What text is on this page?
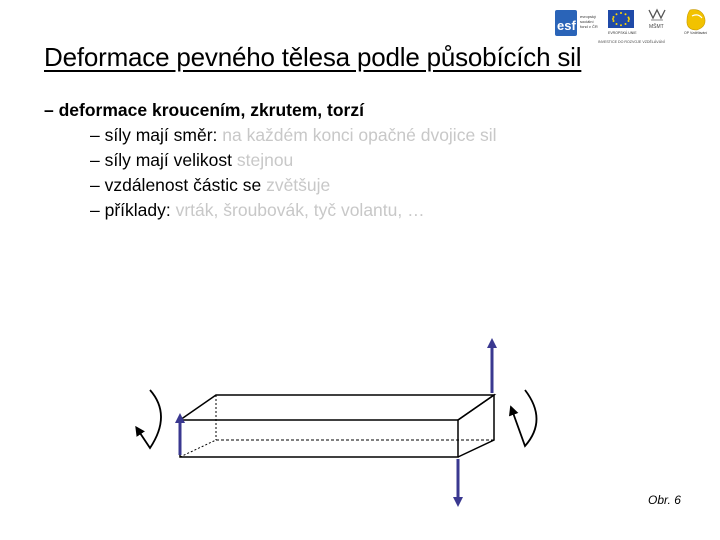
esf
evropský
sociální
fond v ČR
EVROPSKÁ UNIE
MŠMT
OP Vzdělávání
INVESTICE DO ROZVOJE VZDĚLÁVÁNÍ
Deformace pevného tělesa podle působících sil
– deformace kroucením, zkrutem, torzí
– síly mají směr: na každém konci opačné dvojice sil
– síly mají velikost stejnou
– vzdálenost částic se zvětšuje
– příklady: vrták, šroubovák, tyč volantu, …
Obr. 6
